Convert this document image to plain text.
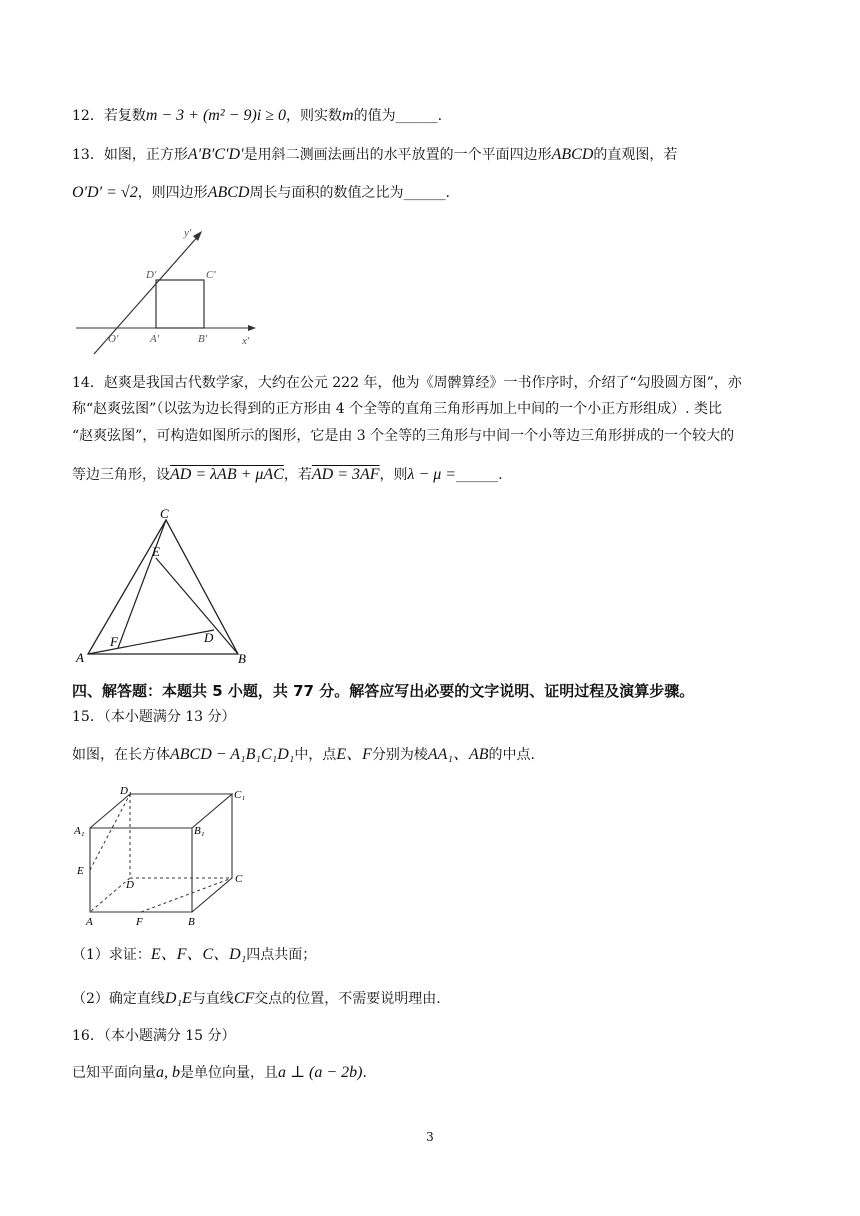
12．若复数m − 3 + (m² − 9)i ≥ 0，则实数m的值为______.
13．如图，正方形A′B′C′D′是用斜二测画法画出的水平放置的一个平面四边形ABCD的直观图，若
O′D′ = √2，则四边形ABCD周长与面积的数值之比为______.
y′
D′	C′
O′	A′	B′	x′
14．赵爽是我国古代数学家，大约在公元 222 年，他为《周髀算经》一书作序时，介绍了“勾股圆方图”，亦
称“赵爽弦图”（以弦为边长得到的正方形由 4 个全等的直角三角形再加上中间的一个小正方形组成）. 类比
“赵爽弦图”，可构造如图所示的图形，它是由 3 个全等的三角形与中间一个小等边三角形拼成的一个较大的
等边三角形，设AD = λAB + μAC，若AD = 3AF，则λ − μ =______.
C
E
F	D
A	B
四、解答题：本题共 5 小题，共 77 分。解答应写出必要的文字说明、证明过程及演算步骤。
15．（本小题满分 13 分）
如图，在长方体ABCD − A₁B₁C₁D₁中，点E、F分别为棱AA₁、AB的中点.
D₁	C₁
A₁	B₁
E
D	C
A	F	B
（1）求证：E、F、C、D₁四点共面；
（2）确定直线D₁E与直线CF交点的位置，不需要说明理由.
16．（本小题满分 15 分）
已知平面向量a, b是单位向量，且a ⊥ (a − 2b).
3
